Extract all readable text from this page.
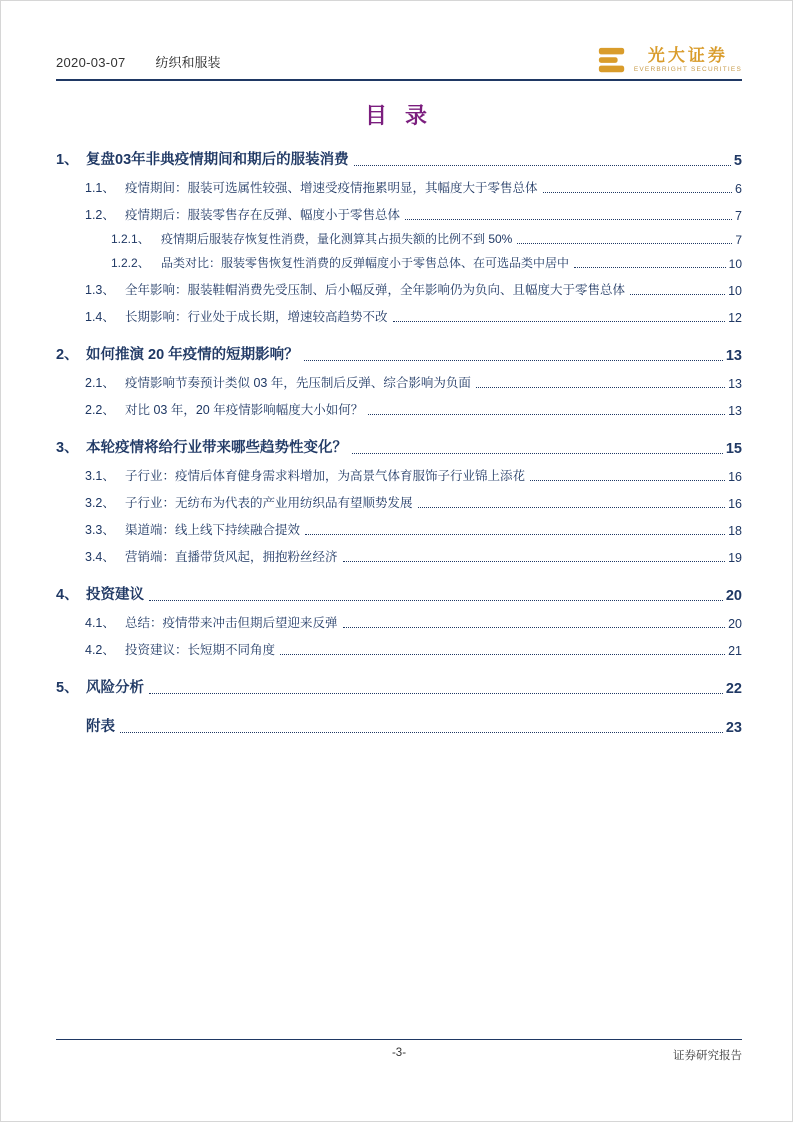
2020-03-07 纺织和服装	光大证券
EVERBRIGHT SECURITIES
目 录
1、 复盘03年非典疫情期间和期后的服装消费	5
1.1、 疫情期间：服装可选属性较强、增速受疫情拖累明显，其幅度大于零售总体	6
1.2、 疫情期后：服装零售存在反弹、幅度小于零售总体	7
1.2.1、 疫情期后服装存恢复性消费，量化测算其占损失额的比例不到 50%	7
1.2.2、 品类对比：服装零售恢复性消费的反弹幅度小于零售总体、在可选品类中居中	10
1.3、 全年影响：服装鞋帽消费先受压制、后小幅反弹，全年影响仍为负向、且幅度大于零售总体	10
1.4、 长期影响：行业处于成长期，增速较高趋势不改	12
2、 如何推演 20 年疫情的短期影响？	13
2.1、 疫情影响节奏预计类似 03 年，先压制后反弹、综合影响为负面	13
2.2、 对比 03 年，20 年疫情影响幅度大小如何？	13
3、 本轮疫情将给行业带来哪些趋势性变化？	15
3.1、 子行业：疫情后体育健身需求料增加，为高景气体育服饰子行业锦上添花	16
3.2、 子行业：无纺布为代表的产业用纺织品有望顺势发展	16
3.3、 渠道端：线上线下持续融合提效	18
3.4、 营销端：直播带货风起，拥抱粉丝经济	19
4、 投资建议	20
4.1、 总结：疫情带来冲击但期后望迎来反弹	20
4.2、 投资建议：长短期不同角度	21
5、 风险分析	22
附表	23
-3-	证券研究报告
